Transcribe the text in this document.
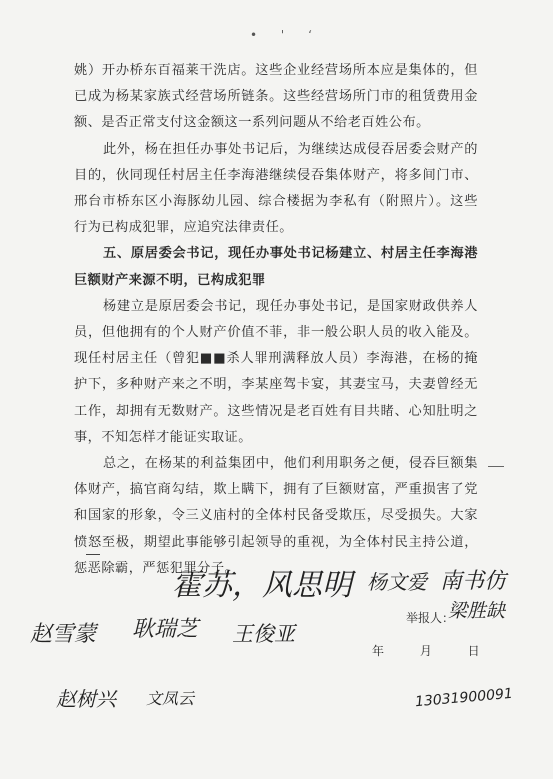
• ' ‘

姚）开办桥东百福莱干洗店。这些企业经营场所本应是集体的，但已成为杨某家族式经营场所链条。这些经营场所门市的租赁费用金额、是否正常支付这金额这一系列问题从不给老百姓公布。

此外，杨在担任办事处书记后，为继续达成侵吞居委会财产的目的，伙同现任村居主任李海港继续侵吞集体财产，将多间门市、邢台市桥东区小海豚幼儿园、综合楼据为李私有（附照片）。这些行为已构成犯罪，应追究法律责任。

五、原居委会书记，现任办事处书记杨建立、村居主任李海港巨额财产来源不明，已构成犯罪

杨建立是原居委会书记，现任办事处书记，是国家财政供养人员，但他拥有的个人财产价值不菲，非一般公职人员的收入能及。现任村居主任（曾犯■■杀人罪刑满释放人员）李海港，在杨的掩护下，多种财产来之不明，李某座驾卡宴，其妻宝马，夫妻曾经无工作，却拥有无数财产。这些情况是老百姓有目共睹、心知肚明之事，不知怎样才能证实取证。

总之，在杨某的利益集团中，他们利用职务之便，侵吞巨额集体财产，搞官商勾结，欺上瞒下，拥有了巨额财富，严重损害了党和国家的形象，令三义庙村的全体村民备受欺压，尽受损失。大家愤怒至极，期望此事能够引起领导的重视，为全体村民主持公道，惩恶除霸，严惩犯罪分子。

霍苏，风思明 杨文爱 南书仿
举报人：
梁胜缺
赵雪蒙 耿瑞芝 王俊亚
年 月 日
赵树兴 文凤云	13031900091
